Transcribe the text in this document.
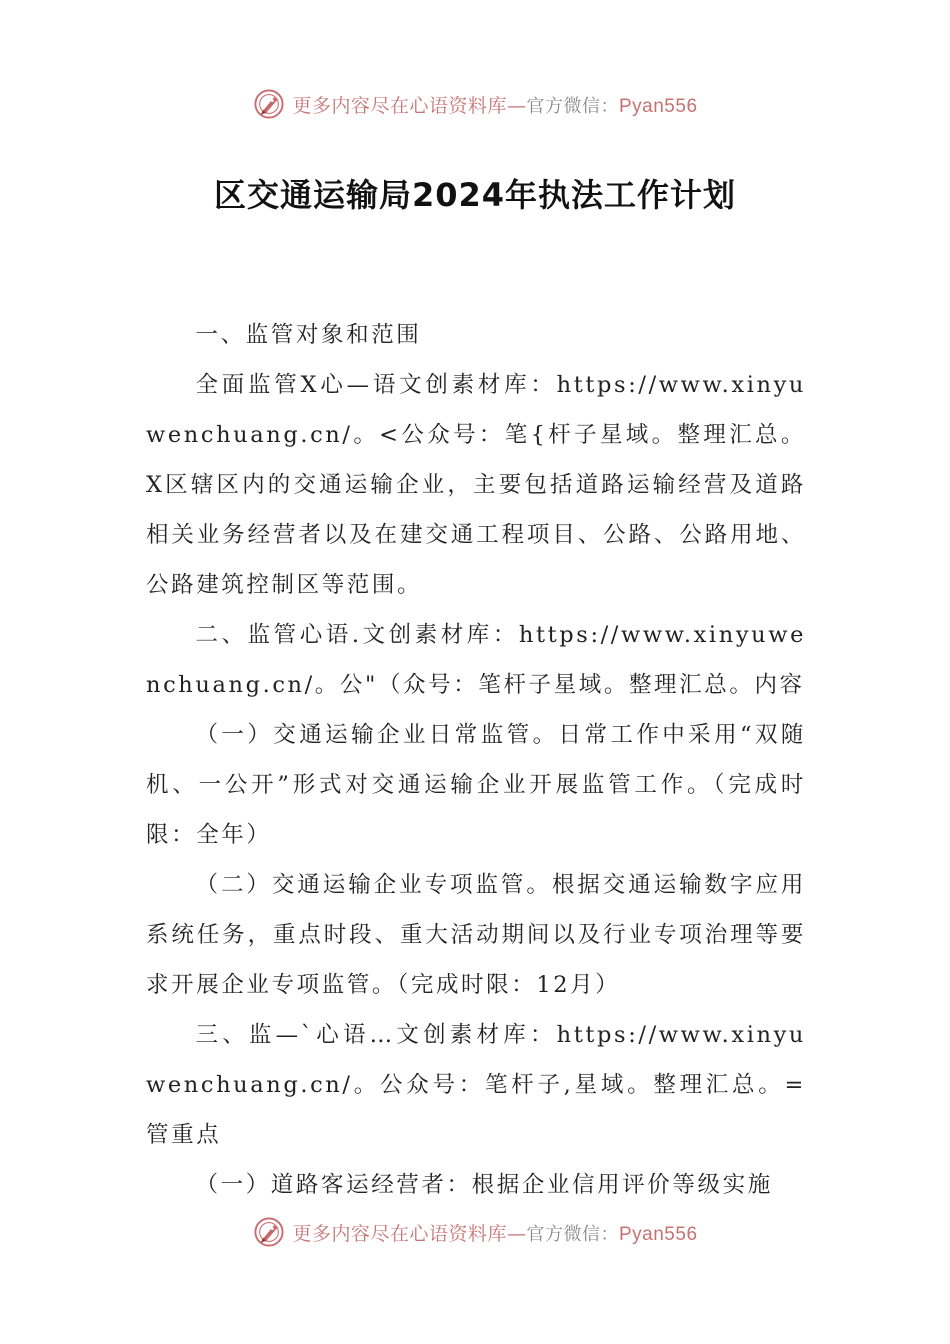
更多内容尽在心语资料库—官方微信：Pyan556
区交通运输局2024年执法工作计划

一、监管对象和范围

全面监管X心—语文创素材库：https://www.xinyuwenchuang.cn/。<公众号：笔{杆子星域。整理汇总。X区辖区内的交通运输企业，主要包括道路运输经营及道路相关业务经营者以及在建交通工程项目、公路、公路用地、公路建筑控制区等范围。

二、监管心语.文创素材库：https://www.xinyuwenchuang.cn/。公"（众号：笔杆子星域。整理汇总。内容

（一）交通运输企业日常监管。日常工作中采用“双随机、一公开”形式对交通运输企业开展监管工作。（完成时限：全年）

（二）交通运输企业专项监管。根据交通运输数字应用系统任务，重点时段、重大活动期间以及行业专项治理等要求开展企业专项监管。（完成时限：12月）

三、监—`心语…文创素材库：https://www.xinyuwenchuang.cn/。公众号：笔杆子,星域。整理汇总。=管重点

（一）道路客运经营者：根据企业信用评价等级实施

更多内容尽在心语资料库—官方微信：Pyan556
